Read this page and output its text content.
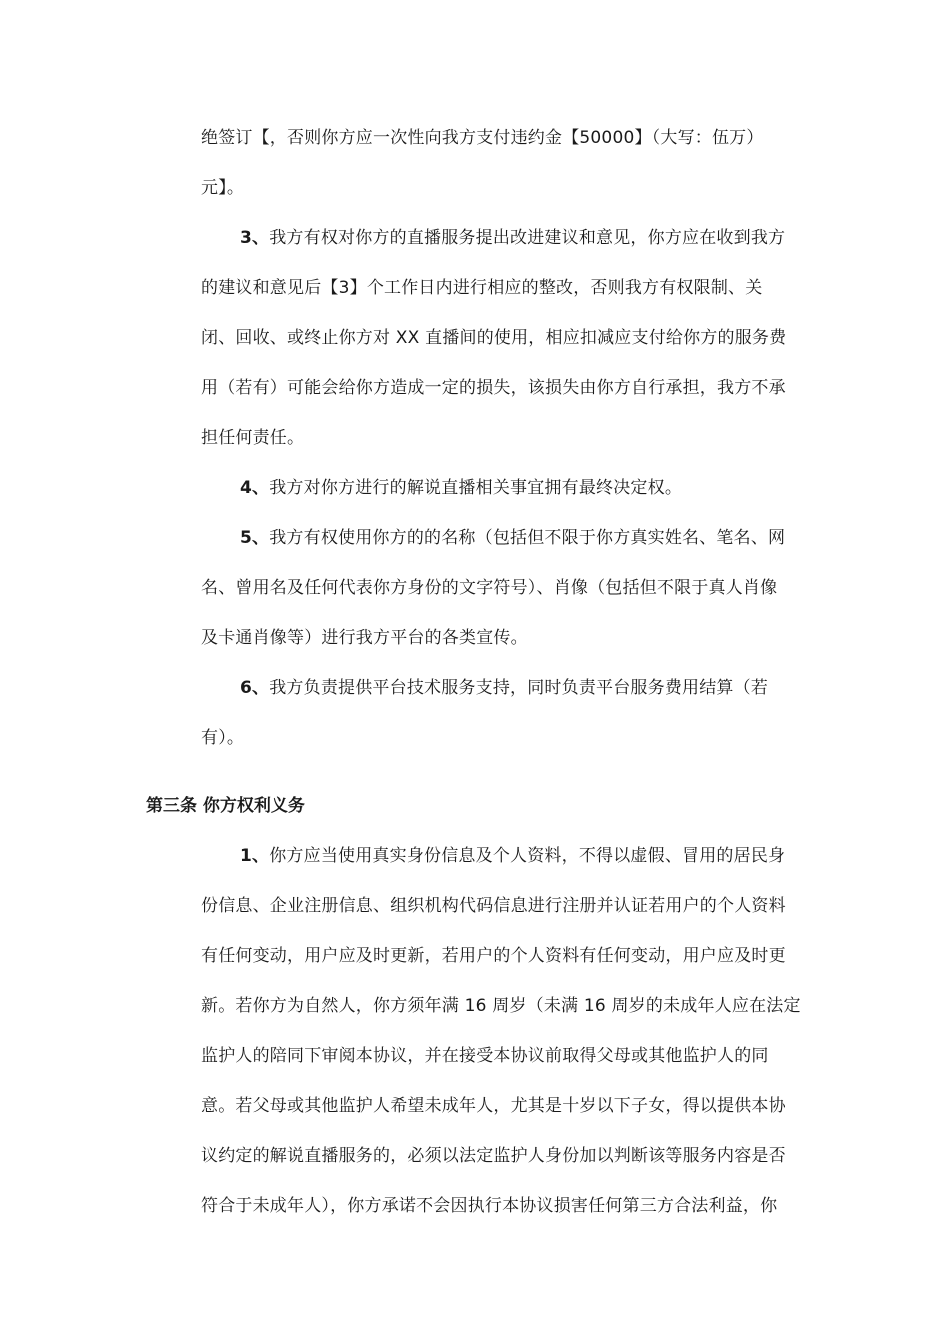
绝签订【，否则你方应一次性向我方支付违约金【50000】（大写：伍万）
元】。
3、我方有权对你方的直播服务提出改进建议和意见，你方应在收到我方
的建议和意见后【3】个工作日内进行相应的整改，否则我方有权限制、关
闭、回收、或终止你方对 XX 直播间的使用，相应扣减应支付给你方的服务费
用（若有）可能会给你方造成一定的损失，该损失由你方自行承担，我方不承
担任何责任。
4、我方对你方进行的解说直播相关事宜拥有最终决定权。
5、我方有权使用你方的的名称（包括但不限于你方真实姓名、笔名、网
名、曾用名及任何代表你方身份的文字符号）、肖像（包括但不限于真人肖像
及卡通肖像等）进行我方平台的各类宣传。
6、我方负责提供平台技术服务支持，同时负责平台服务费用结算（若
有）。
第三条 你方权利义务
1、你方应当使用真实身份信息及个人资料，不得以虚假、冒用的居民身
份信息、企业注册信息、组织机构代码信息进行注册并认证若用户的个人资料
有任何变动，用户应及时更新，若用户的个人资料有任何变动，用户应及时更
新。若你方为自然人，你方须年满 16 周岁（未满 16 周岁的未成年人应在法定
监护人的陪同下审阅本协议，并在接受本协议前取得父母或其他监护人的同
意。若父母或其他监护人希望未成年人，尤其是十岁以下子女，得以提供本协
议约定的解说直播服务的，必须以法定监护人身份加以判断该等服务内容是否
符合于未成年人），你方承诺不会因执行本协议损害任何第三方合法利益，你
